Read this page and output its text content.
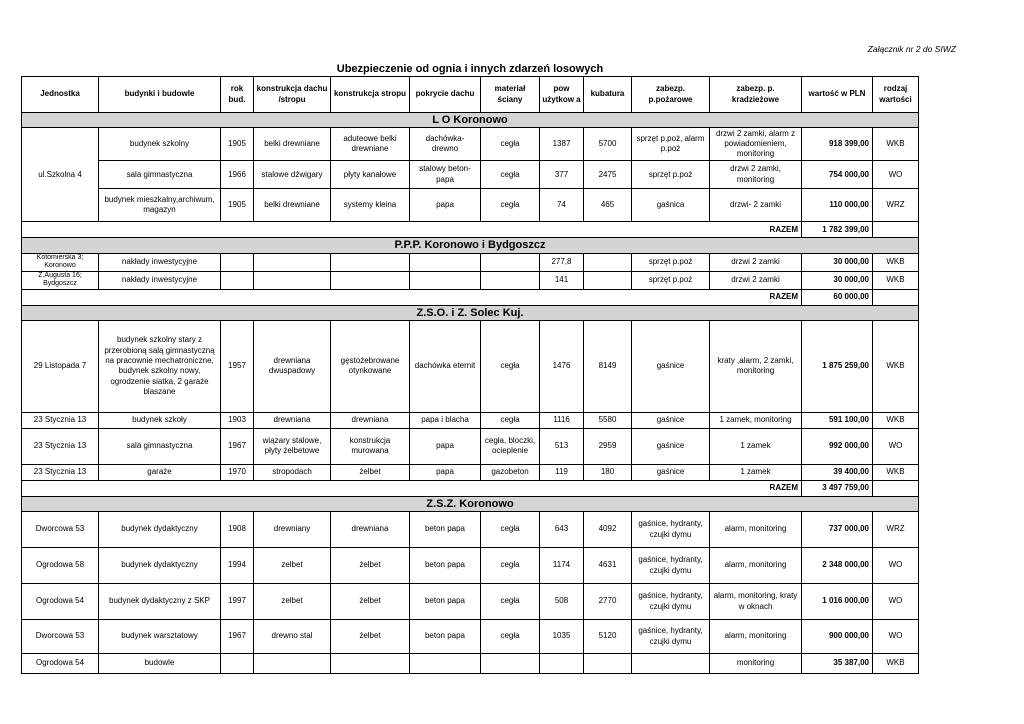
Załącznik nr 2 do SIWZ
Ubezpieczenie od ognia i innych zdarzeń losowych
Jednostka	budynki i budowle	rok bud.	konstrukcja dachu /stropu	konstrukcja stropu	pokrycie dachu	materiał ściany	pow użytkow a	kubatura	zabezp. p.pożarowe	zabezp. p. kradzieżowe	wartość w PLN	rodzaj wartości
L O Koronowo												
ul.Szkolna 4	budynek szkolny	1905	belki drewniane	aduteowe belki drewniane	dachówka- drewno	cegła	1387	5700	sprzęt p.poż, alarm p.poż	drzwi 2 zamki, alarm z powiadomieniem, monitoring	918 399,00	WKB
	sala gimnastyczna	1966	stalowe dźwigary	płyty kanałowe	stalowy beton- papa	cegła	377	2475	sprzęt p.poż	drzwi 2 zamki, monitoring	754 000,00	WO
	budynek mieszkalny,archiwum, magazyn	1905	belki drewniane	systemy kleina	papa	cegła	74	465	gaśnica	drzwi- 2 zamki	110 000,00	WRZ
RAZEM											1 782 399,00	
P.P.P. Koronowo i Bydgoszcz												
Kotomierska 3; Koronowo	nakłady inwestycyjne						277,8		sprzęt p.poż	drzwi 2 zamki	30 000,00	WKB
Z.Augusta 16; Bydgoszcz	nakłady inwestycyjne						141		sprzęt p.poż	drzwi 2 zamki	30 000,00	WKB
RAZEM											60 000,00	
Z.S.O. i Z. Solec Kuj.												
29 Listopada 7	budynek szkolny stary z przerobioną salą gimnastyczną na pracownie mechatroniczne, budynek szkolny nowy, ogrodzenie siatka, 2 garaże blaszane	1957	drewniana dwuspadowy	gęstożebrowane otynkowane	dachówka eternit	cegła	1476	8149	gaśnice	kraty ,alarm, 2 zamki, monitoring	1 875 259,00	WKB
23 Stycznia 13	budynek szkoły	1903	drewniana	drewniana	papa i blacha	cegła	1116	5580	gaśnice	1 zamek, monitoring	591 100,00	WKB
23 Stycznia 13	sala gimnastyczna	1967	wiązary stalowe, płyty żelbetowe	konstrukcja murowana	papa	cegła, bloczki, ocieplenie	513	2959	gaśnice	1 zamek	992 000,00	WO
23 Stycznia 13	garaże	1970	stropodach	żelbet	papa	gazobeton	119	180	gaśnice	1 zamek	39 400,00	WKB
RAZEM											3 497 759,00	
Z.S.Z. Koronowo												
Dworcowa 53	budynek dydaktyczny	1908	drewniany	drewniana	beton papa	cegła	643	4092	gaśnice, hydranty, czujki dymu	alarm, monitoring	737 000,00	WRZ
Ogrodowa 58	budynek dydaktyczny	1994	zelbet	żelbet	beton papa	cegła	1174	4631	gaśnice, hydranty, czujki dymu	alarm, monitoring	2 348 000,00	WO
Ogrodowa 54	budynek dydaktyczny z SKP	1997	zelbet	żelbet	beton papa	cegła	508	2770	gaśnice, hydranty, czujki dymu	alarm, monitoring, kraty w oknach	1 016 000,00	WO
Dworcowa 53	budynek warsztatowy	1967	drewno stal	żelbet	beton papa	cegła	1035	5120	gaśnice, hydranty, czujki dymu	alarm, monitoring	900 000,00	WO
Ogrodowa 54	budowle									monitoring	35 387,00	WKB
